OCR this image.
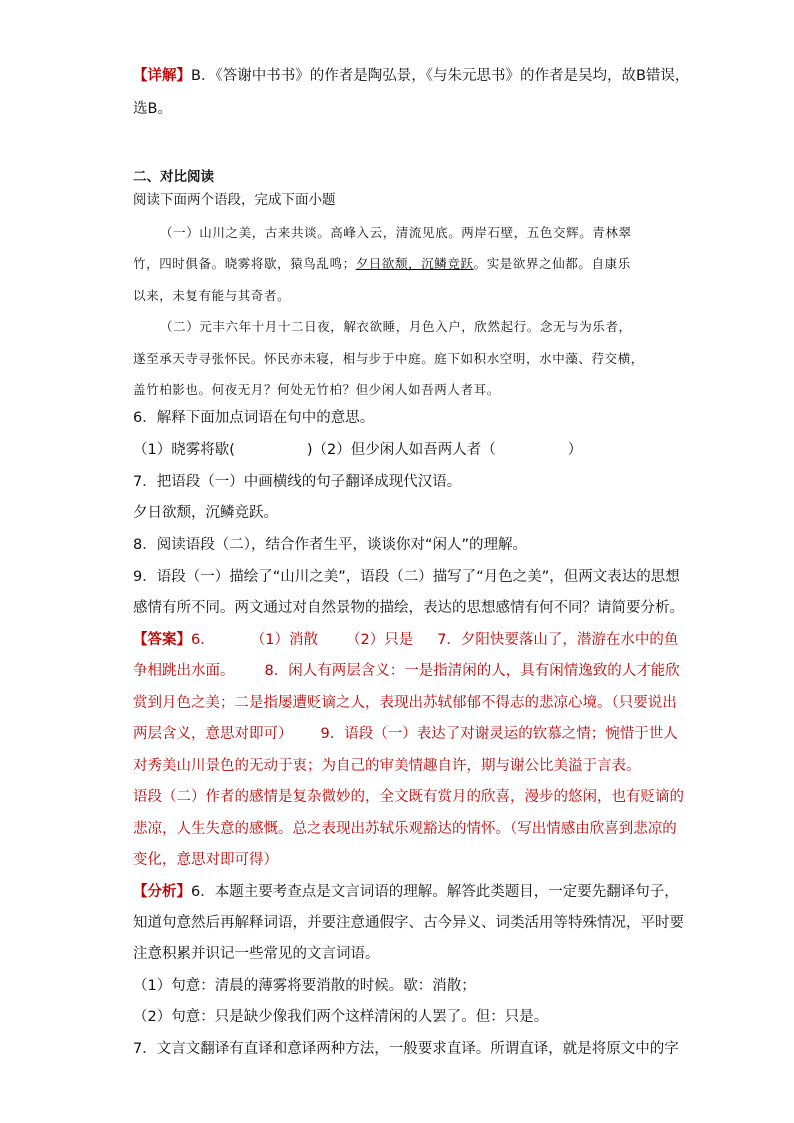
【详解】B．《答谢中书书》的作者是陶弘景，《与朱元思书》的作者是吴均，故B错误，
选B。
二、对比阅读
阅读下面两个语段，完成下面小题
（一）山川之美，古来共谈。高峰入云，清流见底。两岸石壁，五色交辉。青林翠
竹，四时俱备。晓雾将歇，猿鸟乱鸣；夕日欲颓，沉鳞竞跃。实是欲界之仙都。自康乐
以来，未复有能与其奇者。
（二）元丰六年十月十二日夜，解衣欲睡，月色入户，欣然起行。念无与为乐者，
遂至承天寺寻张怀民。怀民亦未寝，相与步于中庭。庭下如积水空明，水中藻、荇交横，
盖竹柏影也。何夜无月？何处无竹柏？但少闲人如吾两人者耳。
6．解释下面加点词语在句中的意思。
（1）晓雾将歇(	)（2）但少闲人如吾两人者（	）
7．把语段（一）中画横线的句子翻译成现代汉语。
夕日欲颓，沉鳞竞跃。
8．阅读语段（二），结合作者生平，谈谈你对“闲人”的理解。
9．语段（一）描绘了“山川之美”，语段（二）描写了“月色之美”，但两文表达的思想
感情有所不同。两文通过对自然景物的描绘，表达的思想感情有何不同？请简要分析。
【答案】6． （1）消散 （2）只是 7．夕阳快要落山了，潜游在水中的鱼
争相跳出水面。 8．闲人有两层含义：一是指清闲的人，具有闲情逸致的人才能欣
赏到月色之美；二是指屡遭贬谪之人，表现出苏轼郁郁不得志的悲凉心境。（只要说出
两层含义，意思对即可） 9．语段（一）表达了对谢灵运的钦慕之情；惋惜于世人
对秀美山川景色的无动于衷；为自己的审美情趣自许，期与谢公比美溢于言表。
语段（二）作者的感情是复杂微妙的，全文既有赏月的欣喜，漫步的悠闲，也有贬谪的
悲凉，人生失意的感慨。总之表现出苏轼乐观豁达的情怀。（写出情感由欣喜到悲凉的
变化，意思对即可得）
【分析】6．本题主要考查点是文言词语的理解。解答此类题目，一定要先翻译句子，
知道句意然后再解释词语，并要注意通假字、古今异义、词类活用等特殊情况，平时要
注意积累并识记一些常见的文言词语。
（1）句意：清晨的薄雾将要消散的时候。歇：消散；
（2）句意：只是缺少像我们两个这样清闲的人罢了。但：只是。
7．文言文翻译有直译和意译两种方法，一般要求直译。所谓直译，就是将原文中的字
